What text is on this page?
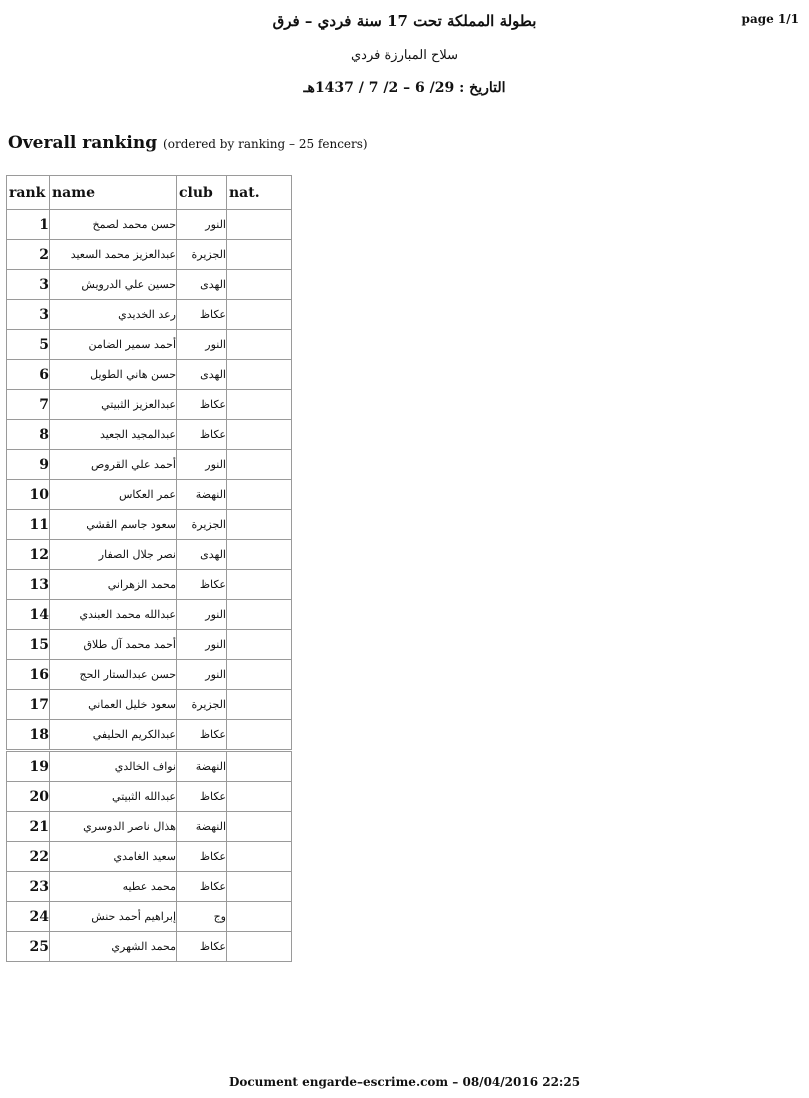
page 1/1
بطولة المملكة تحت 17 سنة فردي – فرق
سلاح المبارزة فردي
التاريخ : 29/ 6 – 2/ 7 / 1437هـ
Overall ranking (ordered by ranking – 25 fencers)
rank	name	club	nat.
1	حسن محمد لصمخ	النور	
2	عبدالعزيز محمد السعيد	الجزيرة	
3	حسين علي الدرويش	الهدى	
3	رعد الخديدي	عكاظ	
5	أحمد سمير الضامن	النور	
6	حسن هاني الطويل	الهدى	
7	عبدالعزيز الثبيتي	عكاظ	
8	عبدالمجيد الجعيد	عكاظ	
9	أحمد علي القروص	النور	
10	عمر العكاس	النهضة	
11	سعود جاسم القشي	الجزيرة	
12	نصر جلال الصفار	الهدى	
13	محمد الزهراني	عكاظ	
14	عبدالله محمد العبندي	النور	
15	أحمد محمد آل طلاق	النور	
16	حسن عبدالستار الحج	النور	
17	سعود خليل العماني	الجزيرة	
18	عبدالكريم الحليفي	عكاظ	
19	نواف الخالدي	النهضة	
20	عبدالله الثبيتي	عكاظ	
21	هذال ناصر الدوسري	النهضة	
22	سعيد الغامدي	عكاظ	
23	محمد عطيه	عكاظ	
24	إبراهيم أحمد حنش	وج	
25	محمد الشهري	عكاظ	
Document engarde–escrime.com – 08/04/2016 22:25
